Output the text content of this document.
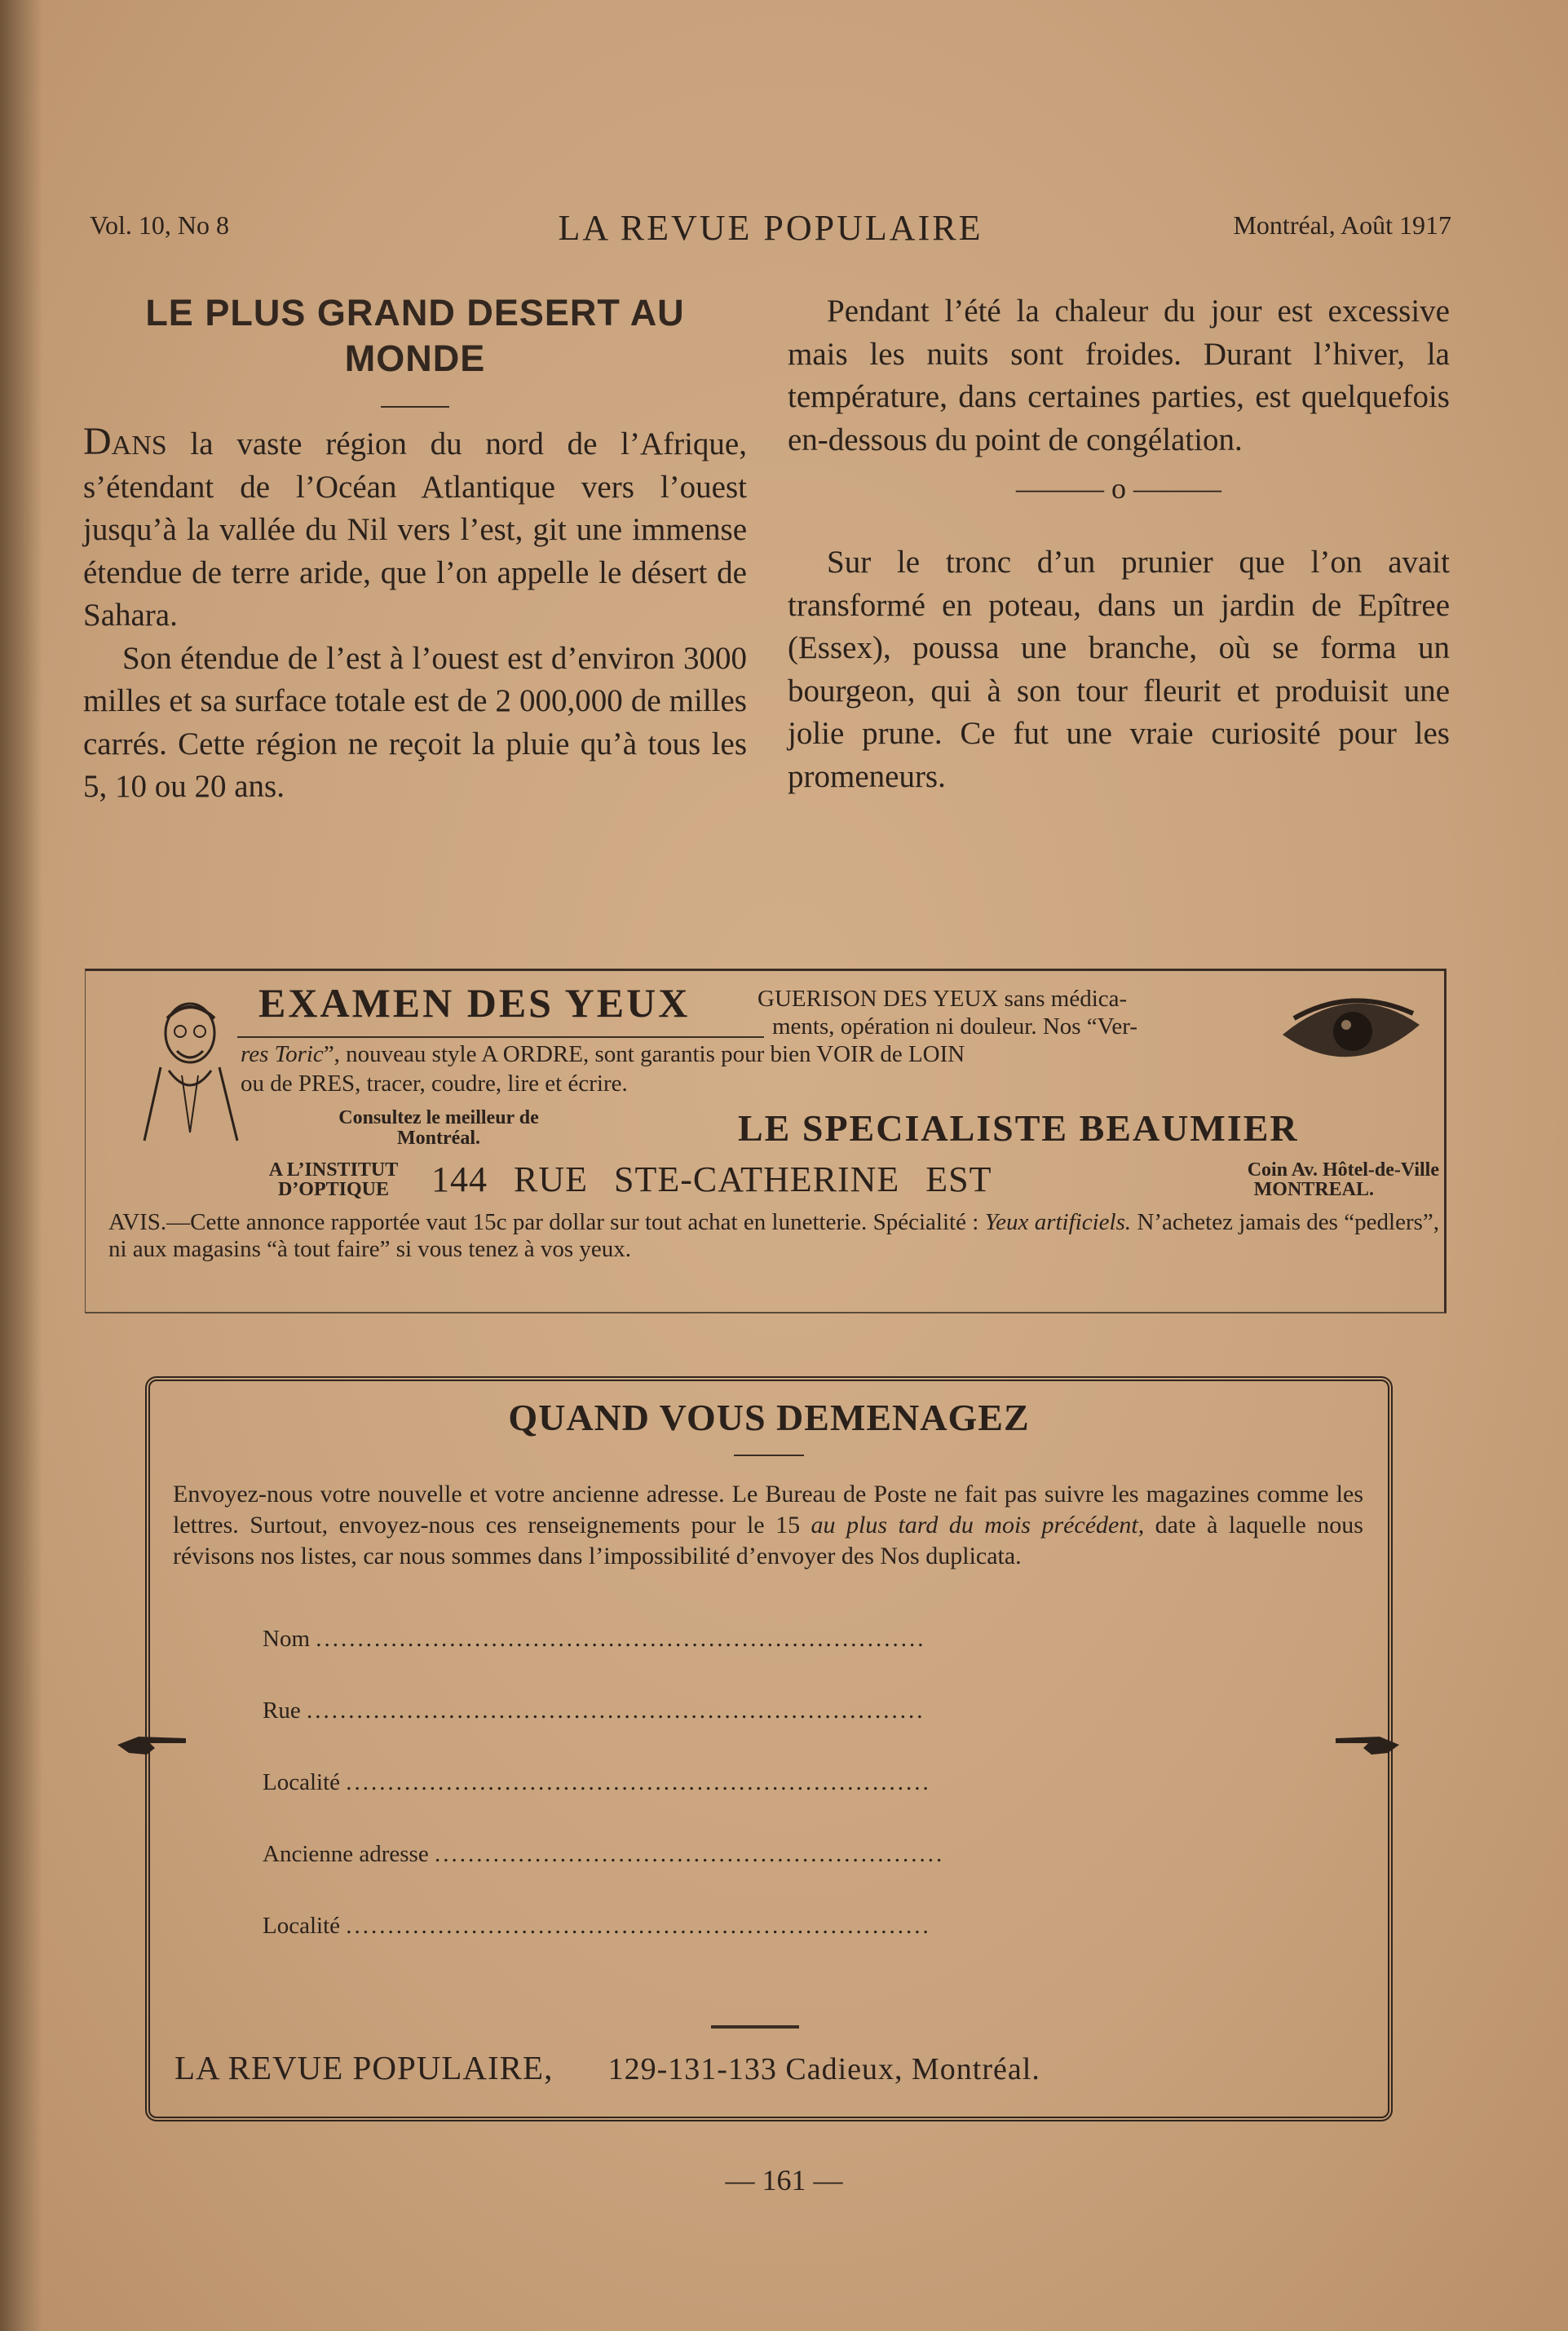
Vol. 10, No 8	LA REVUE POPULAIRE	Montréal, Août 1917
LE PLUS GRAND DESERT AU
MONDE

Dans la vaste région du nord de l’Afrique, s’étendant de l’Océan Atlantique vers l’ouest jusqu’à la vallée du Nil vers l’est, git une immense étendue de terre aride, que l’on appelle le désert de Sahara.

Son étendue de l’est à l’ouest est d’environ 3000 milles et sa surface totale est de 2 000,000 de milles carrés. Cette région ne reçoit la pluie qu’à tous les 5, 10 ou 20 ans.

Pendant l’été la chaleur du jour est excessive mais les nuits sont froides. Durant l’hiver, la température, dans certaines parties, est quelquefois en-dessous du point de congélation.

——— o ———

Sur le tronc d’un prunier que l’on avait transformé en poteau, dans un jardin de Epîtree (Essex), poussa une branche, où se forma un bourgeon, qui à son tour fleurit et produisit une jolie prune. Ce fut une vraie curiosité pour les promeneurs.

EXAMEN DES YEUX	GUERISON DES YEUX sans médica-
ments, opération ni douleur. Nos “Ver-
res Toric”, nouveau style A ORDRE, sont garantis pour bien VOIR de LOIN
ou de PRES, tracer, coudre, lire et écrire.
Consultez le meilleur de
Montréal.	LE SPECIALISTE BEAUMIER
A L’INSTITUT
D’OPTIQUE	144 RUE STE-CATHERINE EST	Coin Av. Hôtel-de-Ville
MONTREAL.
AVIS.—Cette annonce rapportée vaut 15c par dollar sur tout achat en lunetterie. Spécialité : Yeux artificiels. N’achetez jamais des “pedlers”, ni aux magasins “à tout faire” si vous tenez à vos yeux.
QUAND VOUS DEMENAGEZ
Envoyez-nous votre nouvelle et votre ancienne adresse. Le Bureau de Poste ne fait pas suivre les magazines comme les lettres. Surtout, envoyez-nous ces renseignements pour le 15 au plus tard du mois précédent, date à laquelle nous révisons nos listes, car nous sommes dans l’impossibilité d’envoyer des Nos duplicata.
Nom .........................................................................
Rue ..........................................................................
Localité ......................................................................
Ancienne adresse .............................................................
Localité ......................................................................
LA REVUE POPULAIRE, 129-131-133 Cadieux, Montréal.
— 161 —
